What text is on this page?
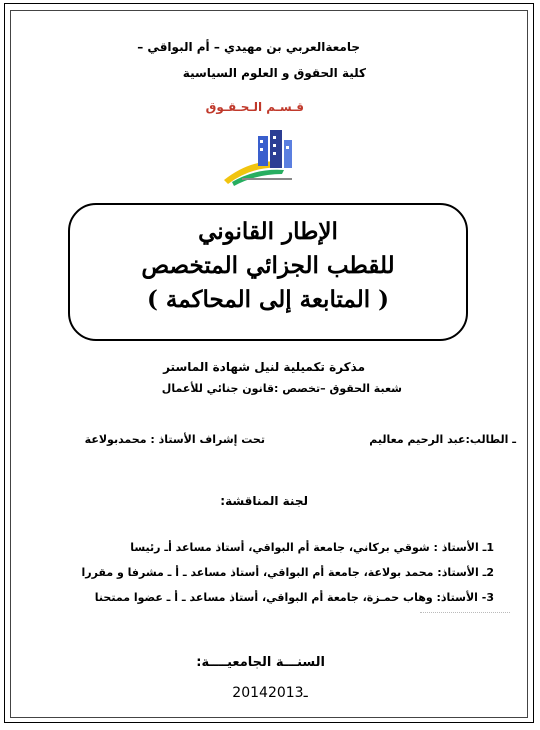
جامعةالعربي بن مهيدي – أم البواقي –
كلية الحقوق و العلوم السياسية
قـسـم الـحـقـوق
الإطار القانوني
للقطب الجزائي المتخصص
( المتابعة إلى المحاكمة )
مذكرة تكميلية لنيل شهادة الماستر
شعبة الحقوق –تخصص :قانون جنائي للأعمال
ـ الطالب:عبد الرحيم معاليم
تحت إشراف الأستاذ : محمدبولاعة
لجنة المناقشة:
1ـ الأستاذ : شوقي بركاني، جامعة أم البواقي، أستاذ مساعد أـ رئيسا
2ـ الأستاذ: محمد بولاعة، جامعة أم البواقي، أستاذ مساعد ـ أ ـ مشرفا و مقررا
3- الأستاذ: وهاب حمـزة، جامعة أم البواقي، أستاذ مساعد ـ أ ـ عضوا ممتحنا
السنـــة الجامعيــــة:
2014ـ2013
